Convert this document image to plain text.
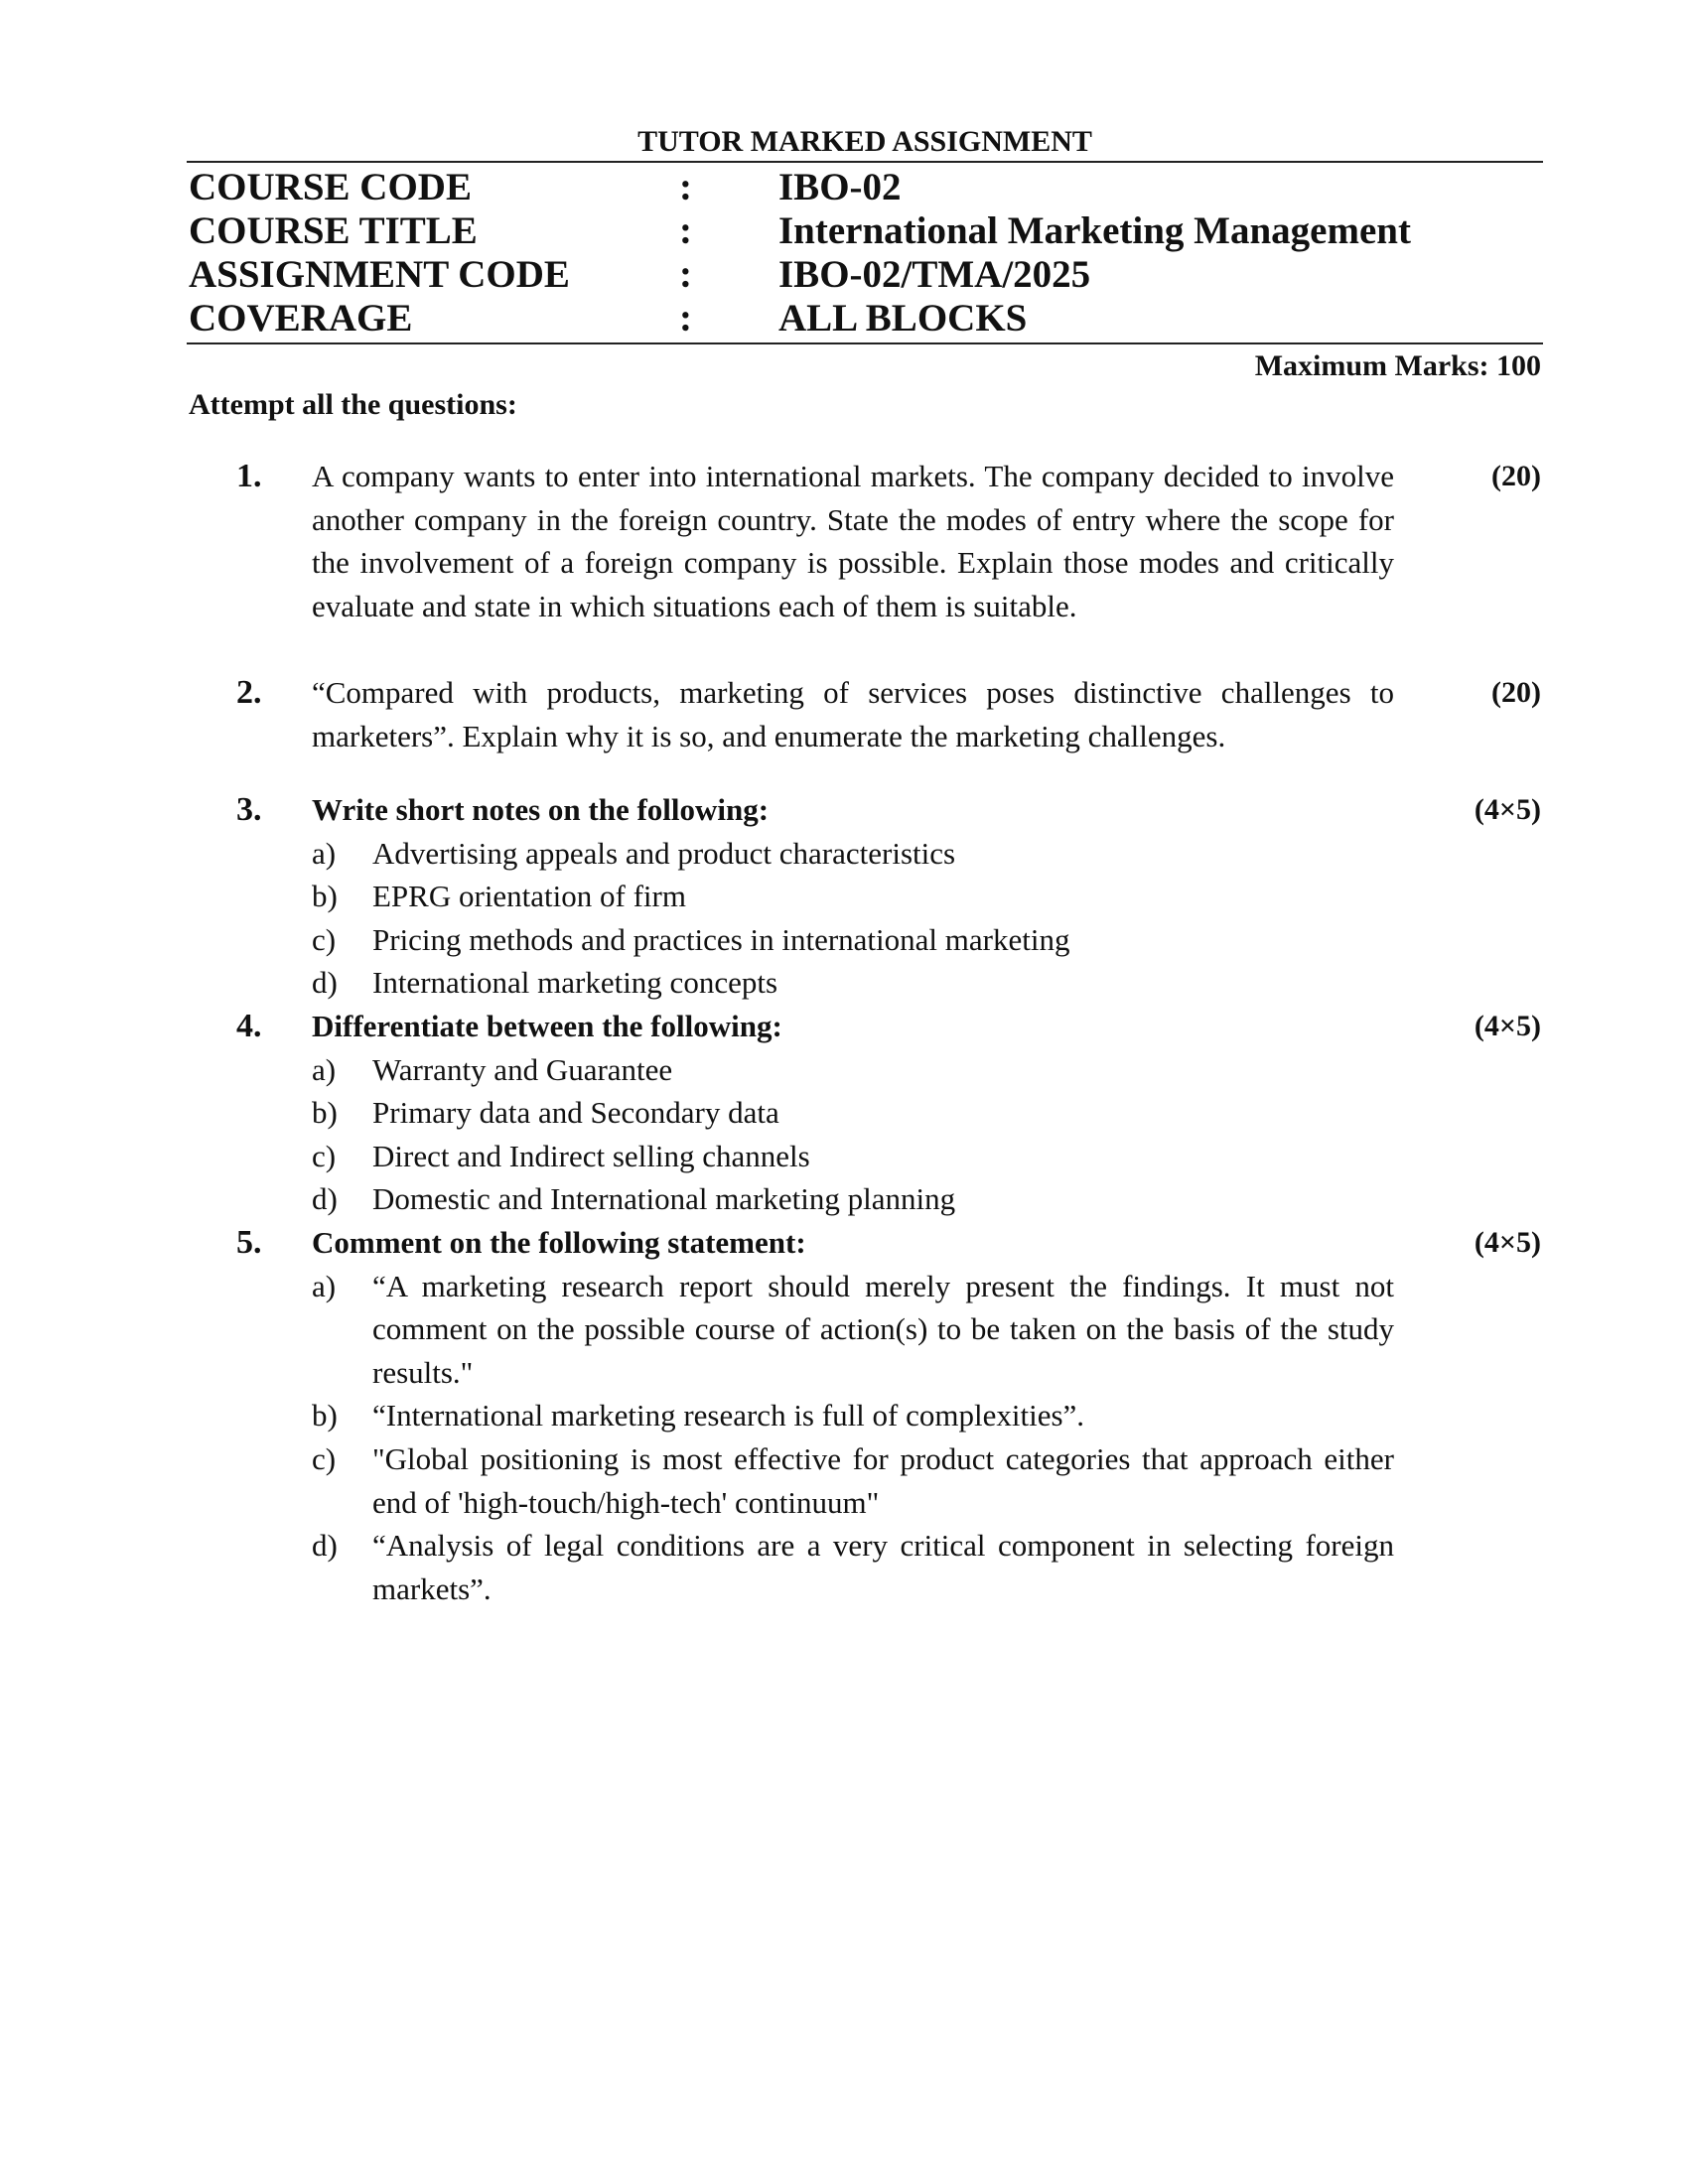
TUTOR MARKED ASSIGNMENT
COURSE CODE	: IBO-02
COURSE TITLE	: International Marketing Management
ASSIGNMENT CODE	: IBO-02/TMA/2025
COVERAGE	: ALL BLOCKS
Maximum Marks: 100
Attempt all the questions:
1. A company wants to enter into international markets. The company decided to involve another company in the foreign country. State the modes of entry where the scope for the involvement of a foreign company is possible. Explain those modes and critically evaluate and state in which situations each of them is suitable.
(20)
2. “Compared with products, marketing of services poses distinctive challenges to marketers”. Explain why it is so, and enumerate the marketing challenges.
(20)
3. Write short notes on the following:
a) Advertising appeals and product characteristics
b) EPRG orientation of firm
c) Pricing methods and practices in international marketing
d) International marketing concepts
(4×5)
4. Differentiate between the following:
a) Warranty and Guarantee
b) Primary data and Secondary data
c) Direct and Indirect selling channels
d) Domestic and International marketing planning
(4×5)
5. Comment on the following statement:
a) “A marketing research report should merely present the findings. It must not comment on the possible course of action(s) to be taken on the basis of the study results."
b) “International marketing research is full of complexities”.
c) "Global positioning is most effective for product categories that approach either end of 'high-touch/high-tech' continuum"
d) “Analysis of legal conditions are a very critical component in selecting foreign markets”.
(4×5)
